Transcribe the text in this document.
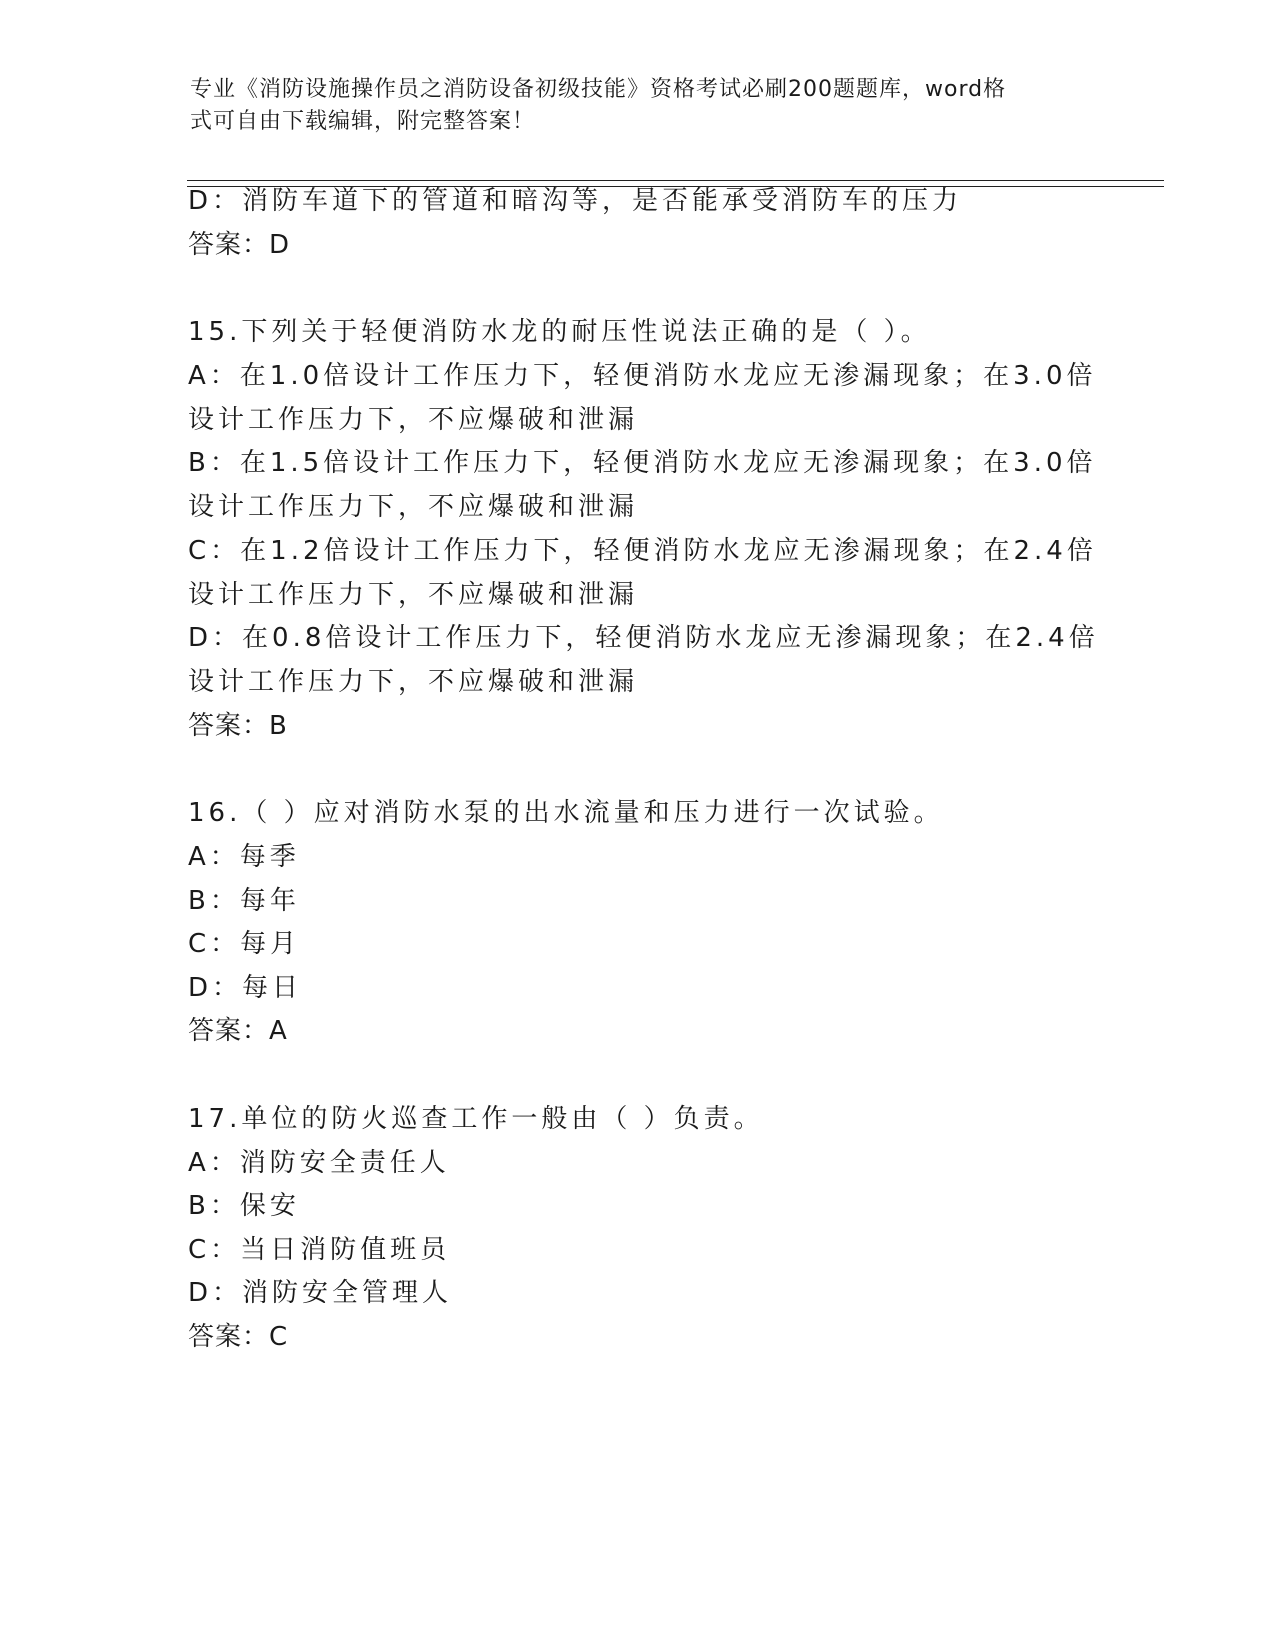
专业《消防设施操作员之消防设备初级技能》资格考试必刷200题题库，word格
式可自由下载编辑，附完整答案！
D：消防车道下的管道和暗沟等，是否能承受消防车的压力
答案：D
15.下列关于轻便消防水龙的耐压性说法正确的是（ ）。
A：在1.0倍设计工作压力下，轻便消防水龙应无渗漏现象；在3.0倍
设计工作压力下，不应爆破和泄漏
B：在1.5倍设计工作压力下，轻便消防水龙应无渗漏现象；在3.0倍
设计工作压力下，不应爆破和泄漏
C：在1.2倍设计工作压力下，轻便消防水龙应无渗漏现象；在2.4倍
设计工作压力下，不应爆破和泄漏
D：在0.8倍设计工作压力下，轻便消防水龙应无渗漏现象；在2.4倍
设计工作压力下，不应爆破和泄漏
答案：B
16.（ ）应对消防水泵的出水流量和压力进行一次试验。
A：每季
B：每年
C：每月
D：每日
答案：A
17.单位的防火巡查工作一般由（ ）负责。
A：消防安全责任人
B：保安
C：当日消防值班员
D：消防安全管理人
答案：C
